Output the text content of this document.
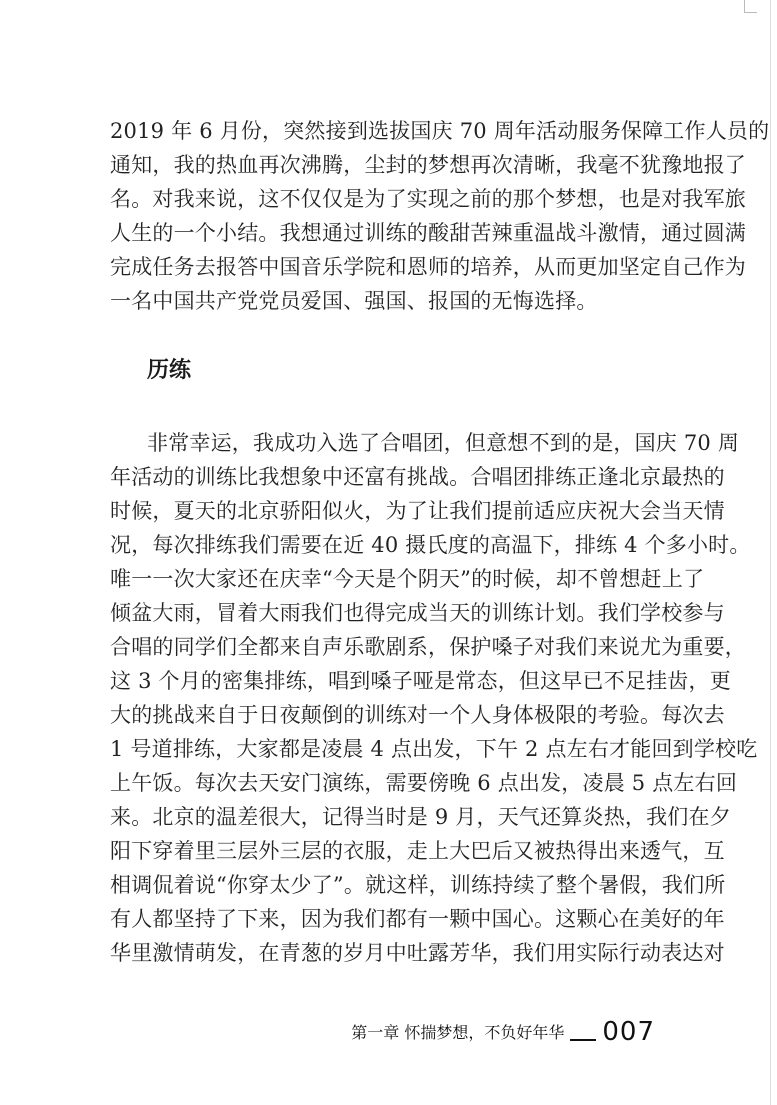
2019 年 6 月份，突然接到选拔国庆 70 周年活动服务保障工作人员的
通知，我的热血再次沸腾，尘封的梦想再次清晰，我毫不犹豫地报了
名。对我来说，这不仅仅是为了实现之前的那个梦想，也是对我军旅
人生的一个小结。我想通过训练的酸甜苦辣重温战斗激情，通过圆满
完成任务去报答中国音乐学院和恩师的培养，从而更加坚定自己作为
一名中国共产党党员爱国、强国、报国的无悔选择。
历练
非常幸运，我成功入选了合唱团，但意想不到的是，国庆 70 周
年活动的训练比我想象中还富有挑战。合唱团排练正逢北京最热的
时候，夏天的北京骄阳似火，为了让我们提前适应庆祝大会当天情
况，每次排练我们需要在近 40 摄氏度的高温下，排练 4 个多小时。
唯一一次大家还在庆幸“今天是个阴天”的时候，却不曾想赶上了
倾盆大雨，冒着大雨我们也得完成当天的训练计划。我们学校参与
合唱的同学们全都来自声乐歌剧系，保护嗓子对我们来说尤为重要，
这 3 个月的密集排练，唱到嗓子哑是常态，但这早已不足挂齿，更
大的挑战来自于日夜颠倒的训练对一个人身体极限的考验。每次去
1 号道排练，大家都是凌晨 4 点出发，下午 2 点左右才能回到学校吃
上午饭。每次去天安门演练，需要傍晚 6 点出发，凌晨 5 点左右回
来。北京的温差很大，记得当时是 9 月，天气还算炎热，我们在夕
阳下穿着里三层外三层的衣服，走上大巴后又被热得出来透气，互
相调侃着说“你穿太少了”。就这样，训练持续了整个暑假，我们所
有人都坚持了下来，因为我们都有一颗中国心。这颗心在美好的年
华里激情萌发，在青葱的岁月中吐露芳华，我们用实际行动表达对
第一章 怀揣梦想，不负好年华 007
